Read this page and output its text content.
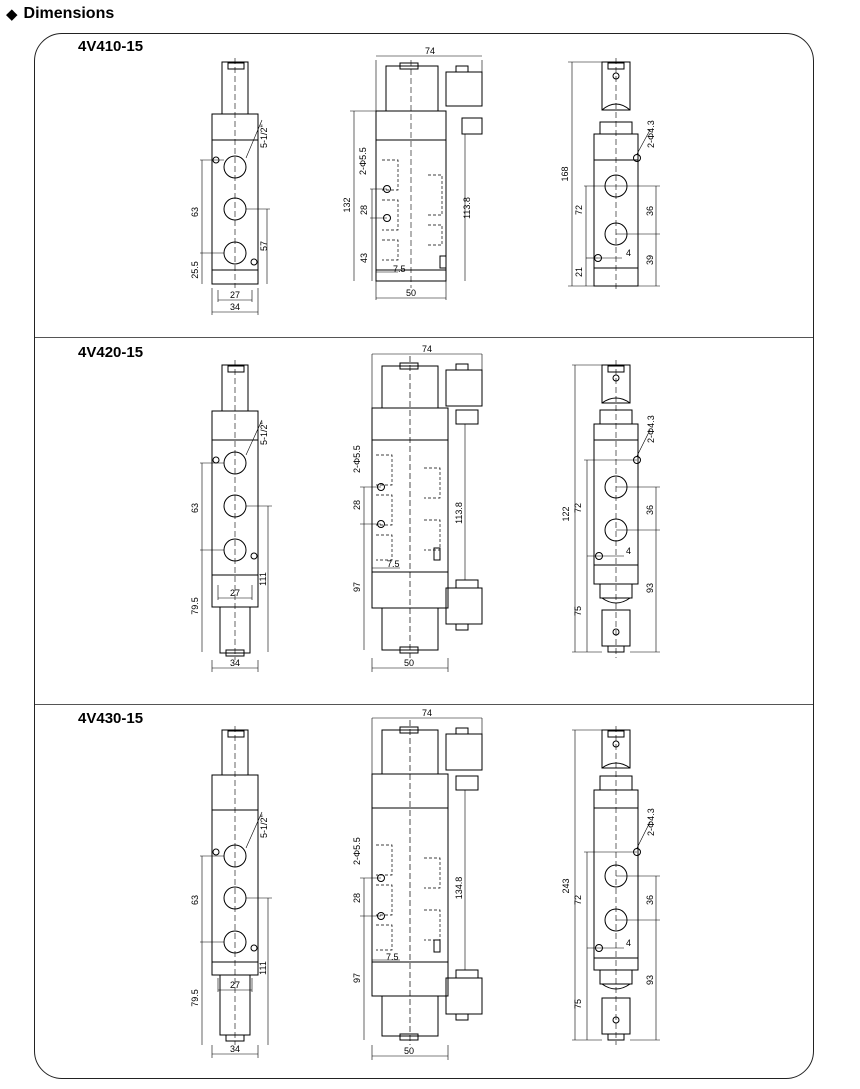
◆ Dimensions
4V410-15
4V420-15
4V430-15
5-1/2"
63
25.5
57
27
34
74
2-Φ5.5
132 28
43
7.5
113.8
50
2-Φ4.3
168
72
21
4
36
39
5-1/2"
63
79.5
111
27
34
74
2-Φ5.5
28
97
7.5
113.8
50
2-Φ4.3
122 72
75
4
36
93
5-1/2"
63
79.5
111
27
34
74
2-Φ5.5
28
97
7.5
134.8
50
2-Φ4.3
243
72
75
4
36
93
